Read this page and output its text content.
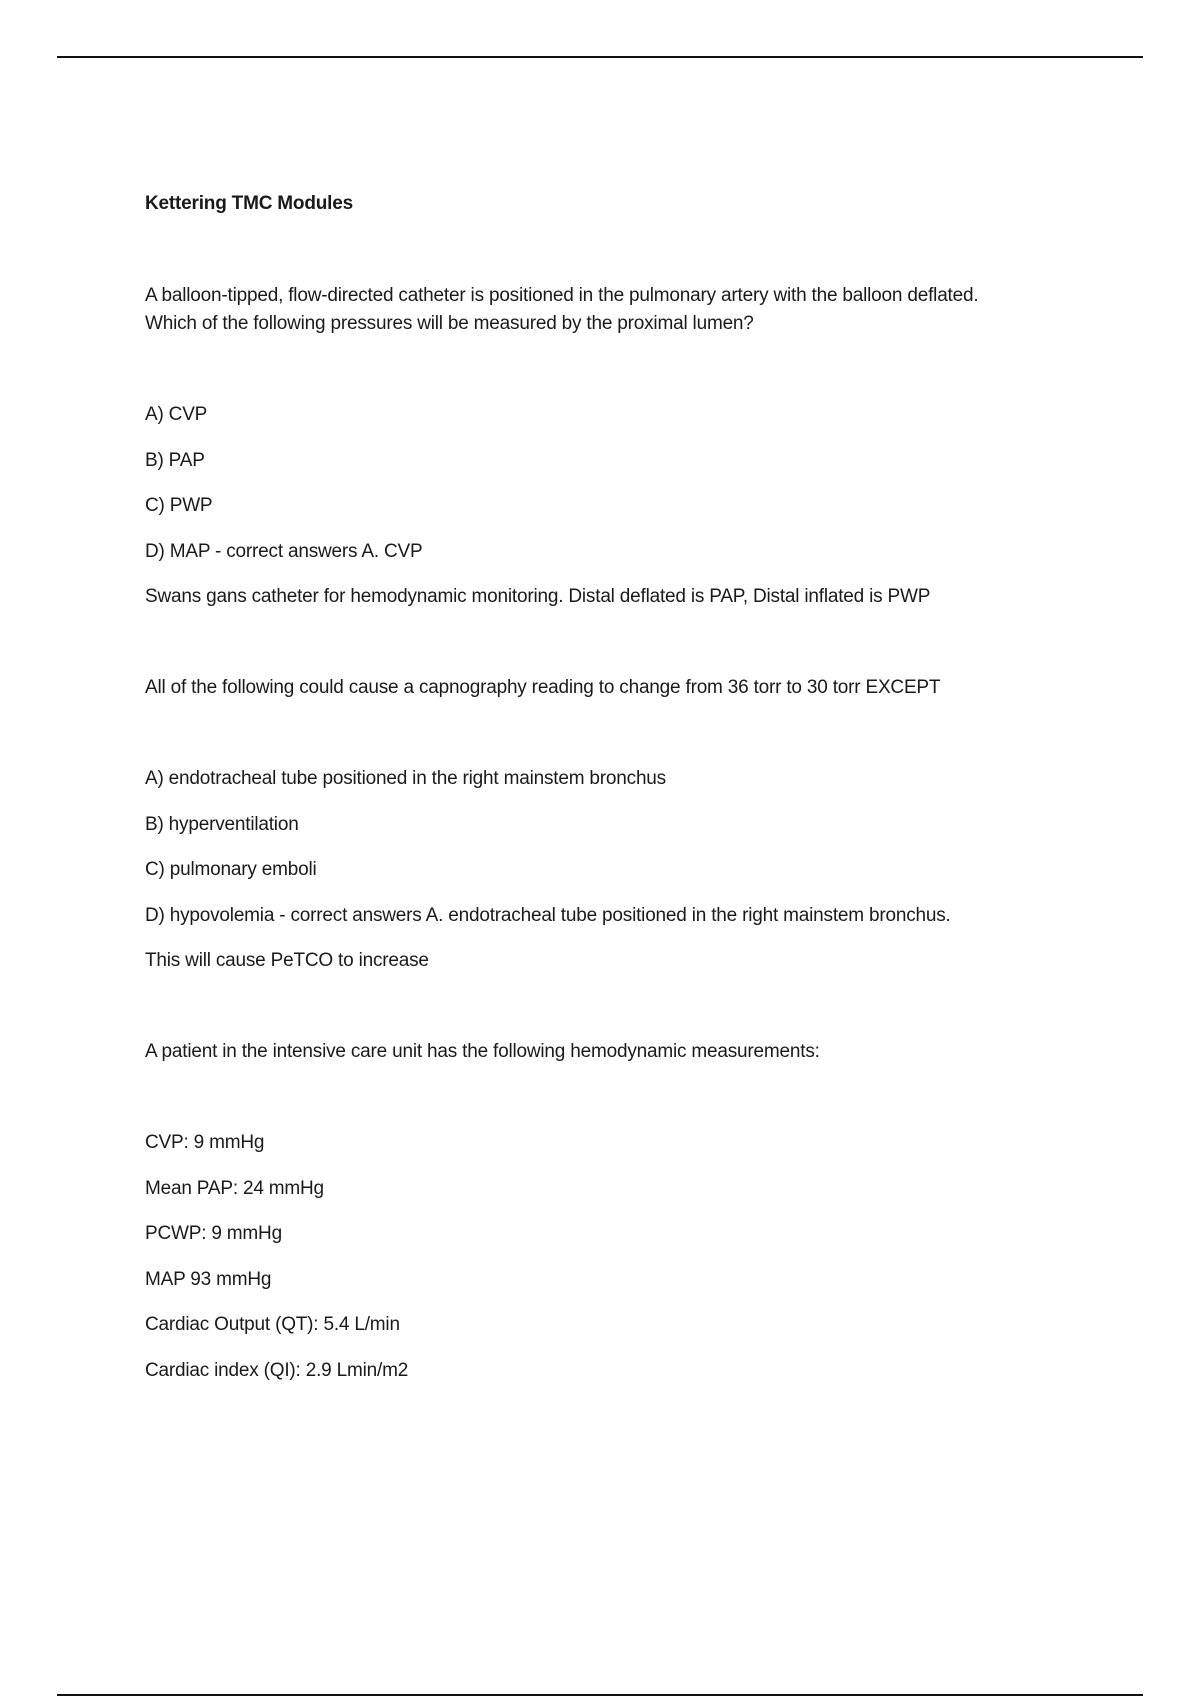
Kettering TMC Modules
A balloon-tipped, flow-directed catheter is positioned in the pulmonary artery with the balloon deflated.
Which of the following pressures will be measured by the proximal lumen?
A) CVP
B) PAP
C) PWP
D) MAP - correct answers A. CVP
Swans gans catheter for hemodynamic monitoring. Distal deflated is PAP, Distal inflated is PWP
All of the following could cause a capnography reading to change from 36 torr to 30 torr EXCEPT
A) endotracheal tube positioned in the right mainstem bronchus
B) hyperventilation
C) pulmonary emboli
D) hypovolemia - correct answers A. endotracheal tube positioned in the right mainstem bronchus.
This will cause PeTCO to increase
A patient in the intensive care unit has the following hemodynamic measurements:
CVP: 9 mmHg
Mean PAP: 24 mmHg
PCWP: 9 mmHg
MAP 93 mmHg
Cardiac Output (QT): 5.4 L/min
Cardiac index (QI): 2.9 Lmin/m2
